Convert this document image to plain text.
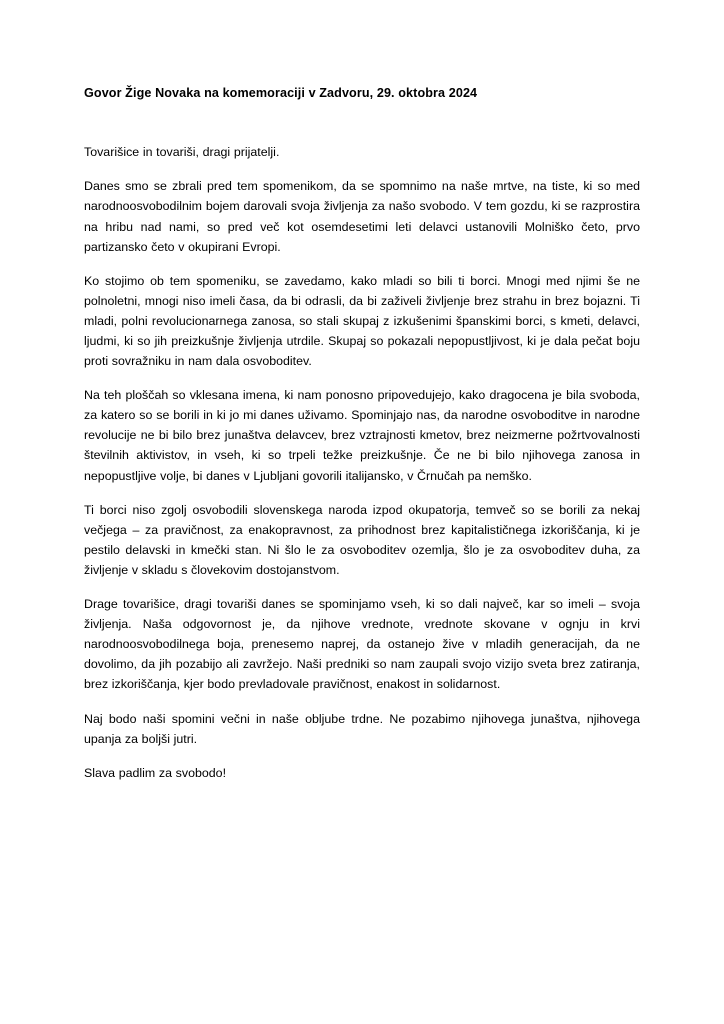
Govor Žige Novaka na komemoraciji v Zadvoru, 29. oktobra 2024

Tovarišice in tovariši, dragi prijatelji.

Danes smo se zbrali pred tem spomenikom, da se spomnimo na naše mrtve, na tiste, ki so med narodnoosvobodilnim bojem darovali svoja življenja za našo svobodo. V tem gozdu, ki se razprostira na hribu nad nami, so pred več kot osemdesetimi leti delavci ustanovili Molniško četo, prvo partizansko četo v okupirani Evropi.

Ko stojimo ob tem spomeniku, se zavedamo, kako mladi so bili ti borci. Mnogi med njimi še ne polnoletni, mnogi niso imeli časa, da bi odrasli, da bi zaživeli življenje brez strahu in brez bojazni. Ti mladi, polni revolucionarnega zanosa, so stali skupaj z izkušenimi španskimi borci, s kmeti, delavci, ljudmi, ki so jih preizkušnje življenja utrdile. Skupaj so pokazali nepopustljivost, ki je dala pečat boju proti sovražniku in nam dala osvoboditev.

Na teh ploščah so vklesana imena, ki nam ponosno pripovedujejo, kako dragocena je bila svoboda, za katero so se borili in ki jo mi danes uživamo. Spominjajo nas, da narodne osvoboditve in narodne revolucije ne bi bilo brez junaštva delavcev, brez vztrajnosti kmetov, brez neizmerne požrtvovalnosti številnih aktivistov, in vseh, ki so trpeli težke preizkušnje. Če ne bi bilo njihovega zanosa in nepopustljive volje, bi danes v Ljubljani govorili italijansko, v Črnučah pa nemško.

Ti borci niso zgolj osvobodili slovenskega naroda izpod okupatorja, temveč so se borili za nekaj večjega – za pravičnost, za enakopravnost, za prihodnost brez kapitalističnega izkoriščanja, ki je pestilo delavski in kmečki stan. Ni šlo le za osvoboditev ozemlja, šlo je za osvoboditev duha, za življenje v skladu s človekovim dostojanstvom.

Drage tovarišice, dragi tovariši danes se spominjamo vseh, ki so dali največ, kar so imeli – svoja življenja. Naša odgovornost je, da njihove vrednote, vrednote skovane v ognju in krvi narodnoosvobodilnega boja, prenesemo naprej, da ostanejo žive v mladih generacijah, da ne dovolimo, da jih pozabijo ali zavržejo. Naši predniki so nam zaupali svojo vizijo sveta brez zatiranja, brez izkoriščanja, kjer bodo prevladovale pravičnost, enakost in solidarnost.

Naj bodo naši spomini večni in naše obljube trdne. Ne pozabimo njihovega junaštva, njihovega upanja za boljši jutri.

Slava padlim za svobodo!
